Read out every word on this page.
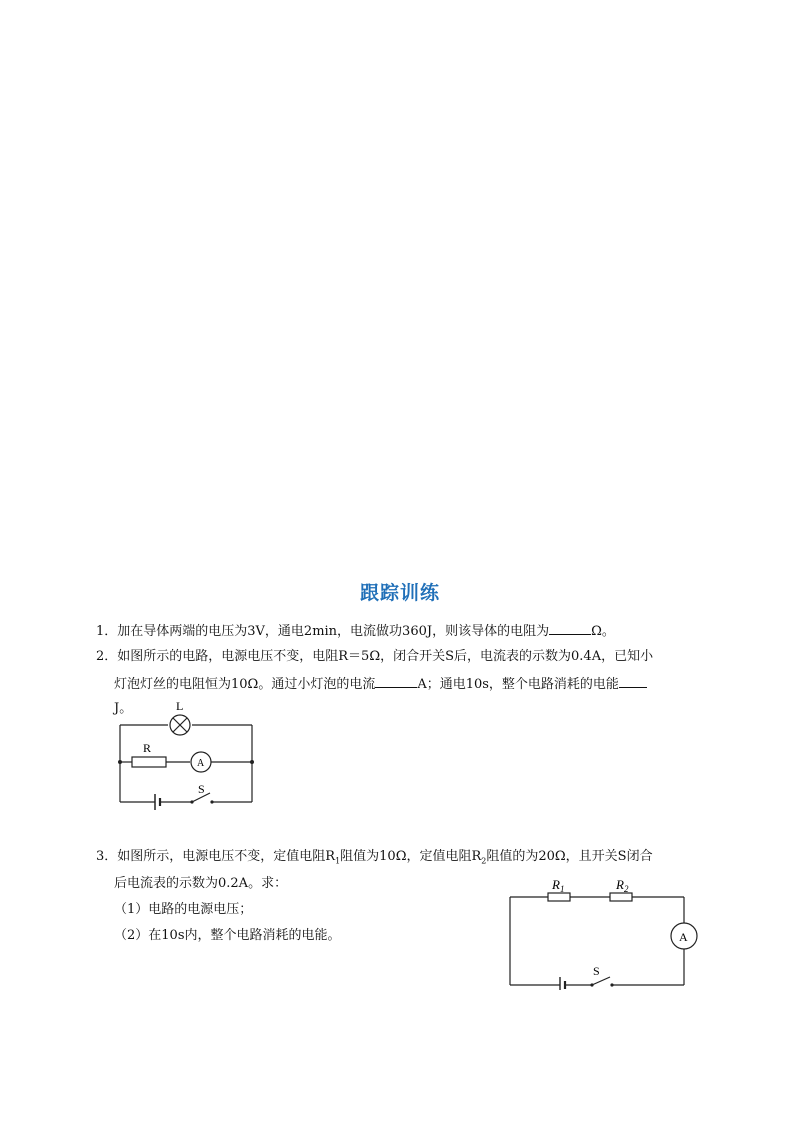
跟踪训练
1．加在导体两端的电压为3V，通电2min，电流做功360J，则该导体的电阻为	Ω。
2．如图所示的电路，电源电压不变，电阻R＝5Ω，闭合开关S后，电流表的示数为0.4A，已知小
灯泡灯丝的电阻恒为10Ω。通过小灯泡的电流	A；通电10s，整个电路消耗的电能
J。	L
R
A
S
3．如图所示，电源电压不变，定值电阻$R_1$阻值为10Ω，定值电阻$R_2$阻值的为20Ω，且开关S闭合
后电流表的示数为0.2A。求：
（1）电路的电源电压；
（2）在10s内，整个电路消耗的电能。
$R_1$	$R_2$
A
S
